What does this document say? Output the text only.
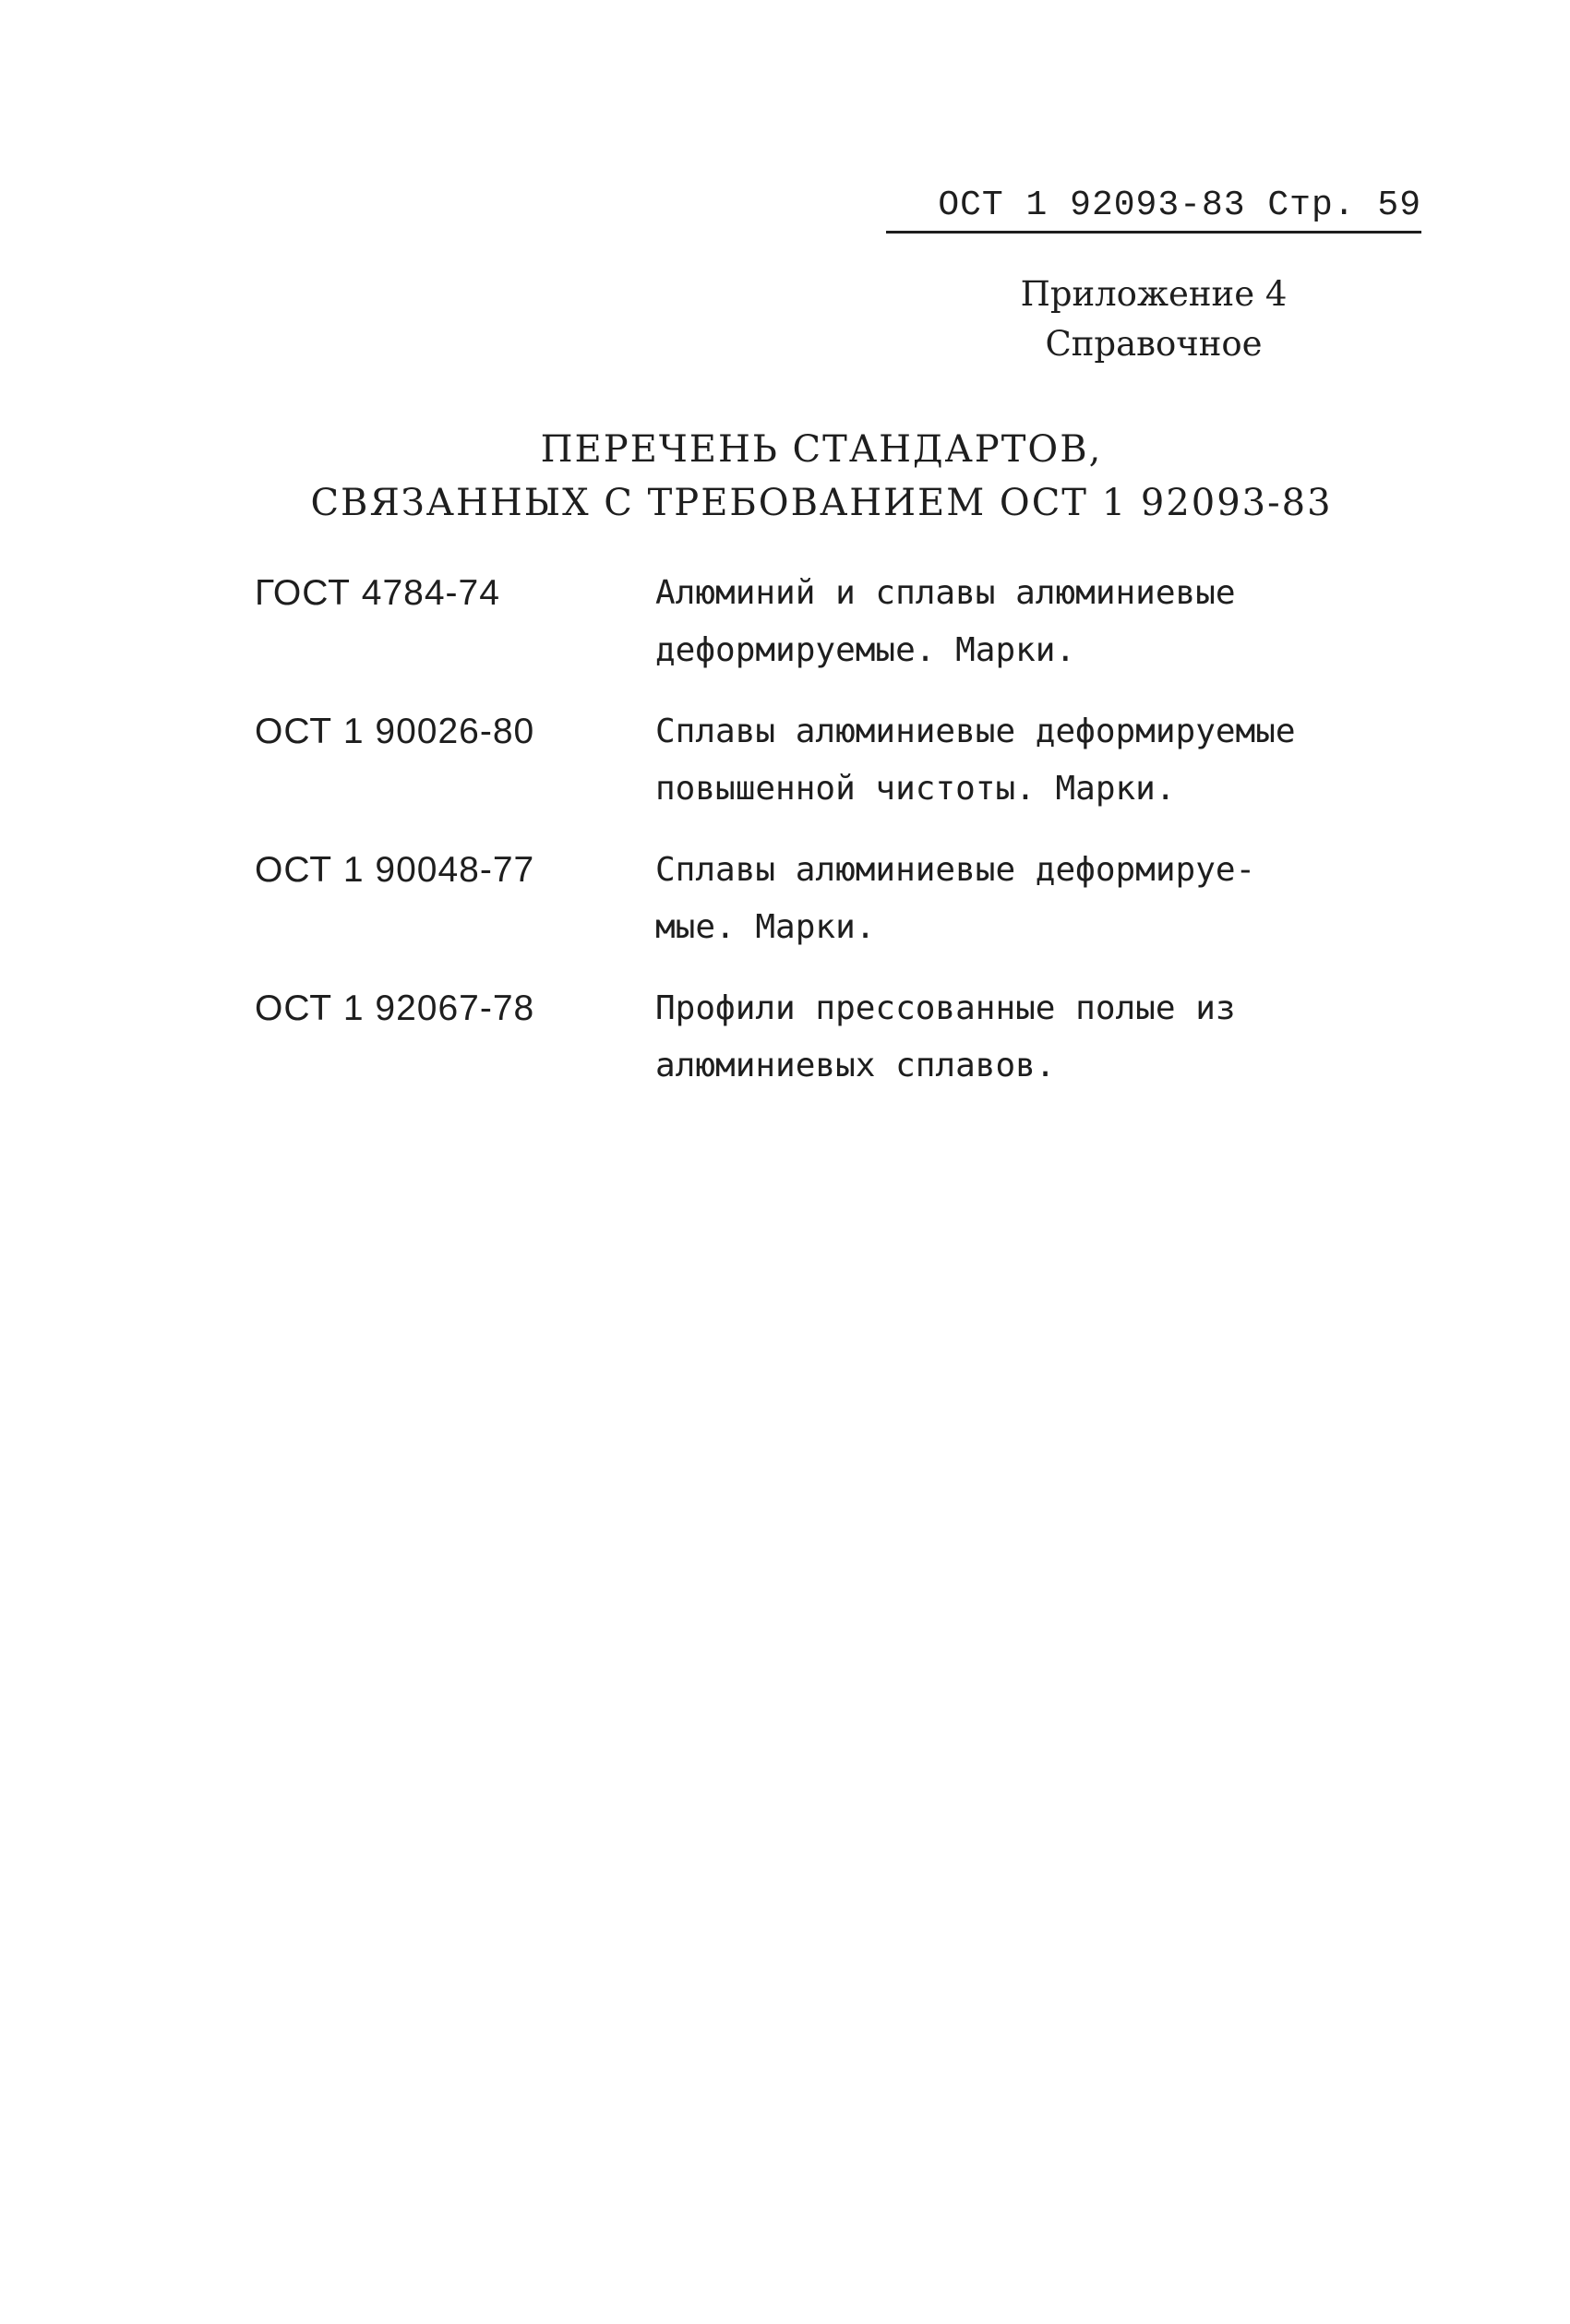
ОСТ 1 92093-83 Стр. 59
Приложение 4
Справочное
ПЕРЕЧЕНЬ СТАНДАРТОВ,
СВЯЗАННЫХ С ТРЕБОВАНИЕМ ОСТ 1 92093-83
ГОСТ 4784-74	Алюминий и сплавы алюминиевые
деформируемые. Марки.
ОСТ 1 90026-80	Сплавы алюминиевые деформируемые
повышенной чистоты. Марки.
ОСТ 1 90048-77	Сплавы алюминиевые деформируе-
мые. Марки.
ОСТ 1 92067-78	Профили прессованные полые из
алюминиевых сплавов.
